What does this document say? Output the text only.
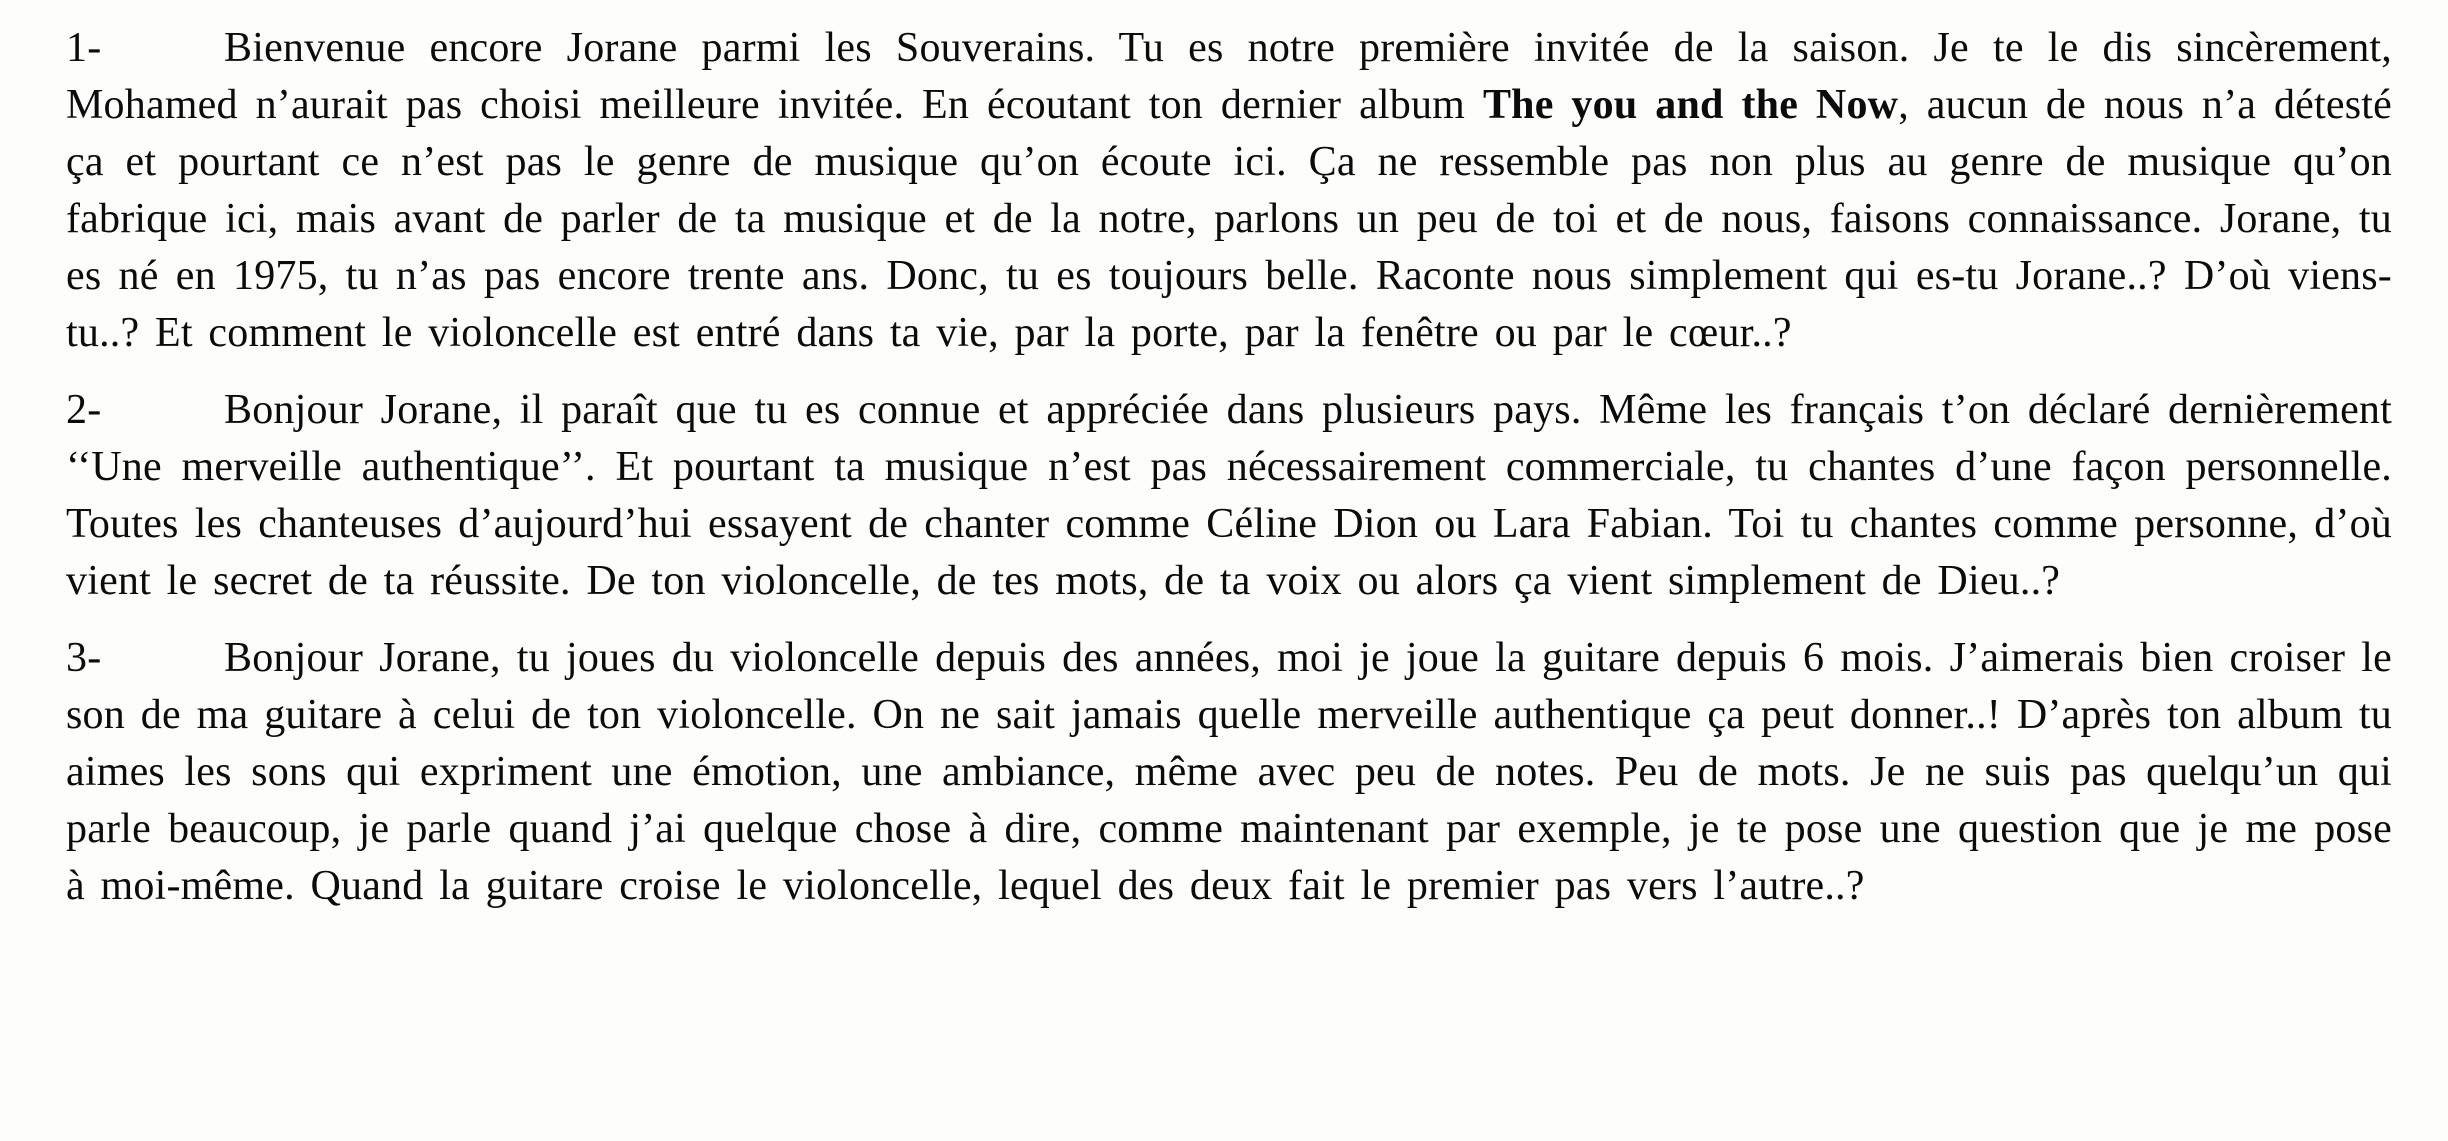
1-	Bienvenue encore Jorane parmi les Souverains. Tu es notre première invitée de la saison. Je te le dis sincèrement, Mohamed n’aurait pas choisi meilleure invitée. En écoutant ton dernier album The you and the Now, aucun de nous n’a détesté ça et pourtant ce n’est pas le genre de musique qu’on écoute ici. Ça ne ressemble pas non plus au genre de musique qu’on fabrique ici, mais avant de parler de ta musique et de la notre, parlons un peu de toi et de nous, faisons connaissance. Jorane, tu es né en 1975, tu n’as pas encore trente ans. Donc, tu es toujours belle. Raconte nous simplement qui es-tu Jorane..? D’où viens-tu..? Et comment le violoncelle est entré dans ta vie, par la porte, par la fenêtre ou par le cœur..?

2-	Bonjour Jorane, il paraît que tu es connue et appréciée dans plusieurs pays. Même les français t’on déclaré dernièrement ‘‘Une merveille authentique’’. Et pourtant ta musique n’est pas nécessairement commerciale, tu chantes d’une façon personnelle. Toutes les chanteuses d’aujourd’hui essayent de chanter comme Céline Dion ou Lara Fabian. Toi tu chantes comme personne, d’où vient le secret de ta réussite. De ton violoncelle, de tes mots, de ta voix ou alors ça vient simplement de Dieu..?

3-	Bonjour Jorane, tu joues du violoncelle depuis des années, moi je joue la guitare depuis 6 mois. J’aimerais bien croiser le son de ma guitare à celui de ton violoncelle. On ne sait jamais quelle merveille authentique ça peut donner..! D’après ton album tu aimes les sons qui expriment une émotion, une ambiance, même avec peu de notes. Peu de mots. Je ne suis pas quelqu’un qui parle beaucoup, je parle quand j’ai quelque chose à dire, comme maintenant par exemple, je te pose une question que je me pose à moi-même. Quand la guitare croise le violoncelle, lequel des deux fait le premier pas vers l’autre..?
